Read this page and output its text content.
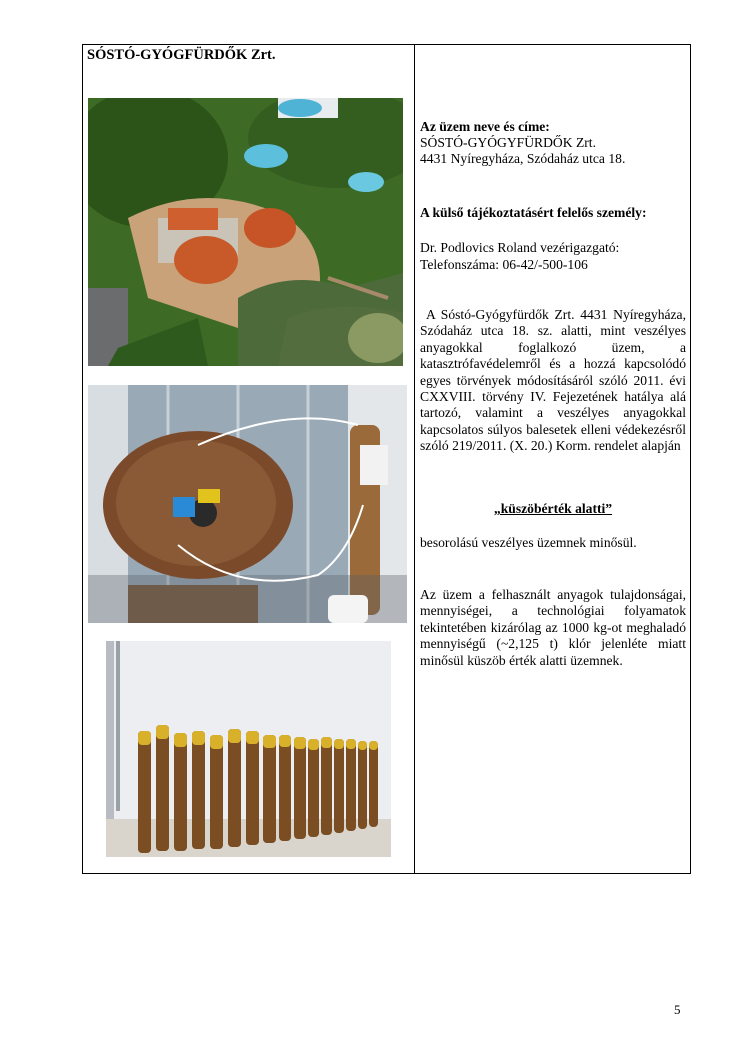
SÓSTÓ-GYÓGFÜRDŐK Zrt.
Az üzem neve és címe:
SÓSTÓ-GYÓGYFÜRDŐK Zrt.
4431 Nyíregyháza, Szódaház utca 18.
A külső tájékoztatásért felelős személy:
Dr. Podlovics Roland vezérigazgató:
Telefonszáma: 06-42/-500-106
A Sóstó-Gyógyfürdők Zrt. 4431 Nyíregyháza, Szódaház utca 18. sz. alatti, mint veszélyes anyagokkal foglalkozó üzem, a katasztrófavédelemről és a hozzá kapcsolódó egyes törvények módosításáról szóló 2011. évi CXXVIII. törvény IV. Fejezetének hatálya alá tartozó, valamint a veszélyes anyagokkal kapcsolatos súlyos balesetek elleni védekezésről szóló 219/2011. (X. 20.) Korm. rendelet alapján
„küszöbérték alatti”
besorolású veszélyes üzemnek minősül.
Az üzem a felhasznált anyagok tulajdonságai, mennyiségei, a technológiai folyamatok tekintetében kizárólag az 1000 kg-ot meghaladó mennyiségű (~2,125 t) klór jelenléte miatt minősül küszöb érték alatti üzemnek.
5
